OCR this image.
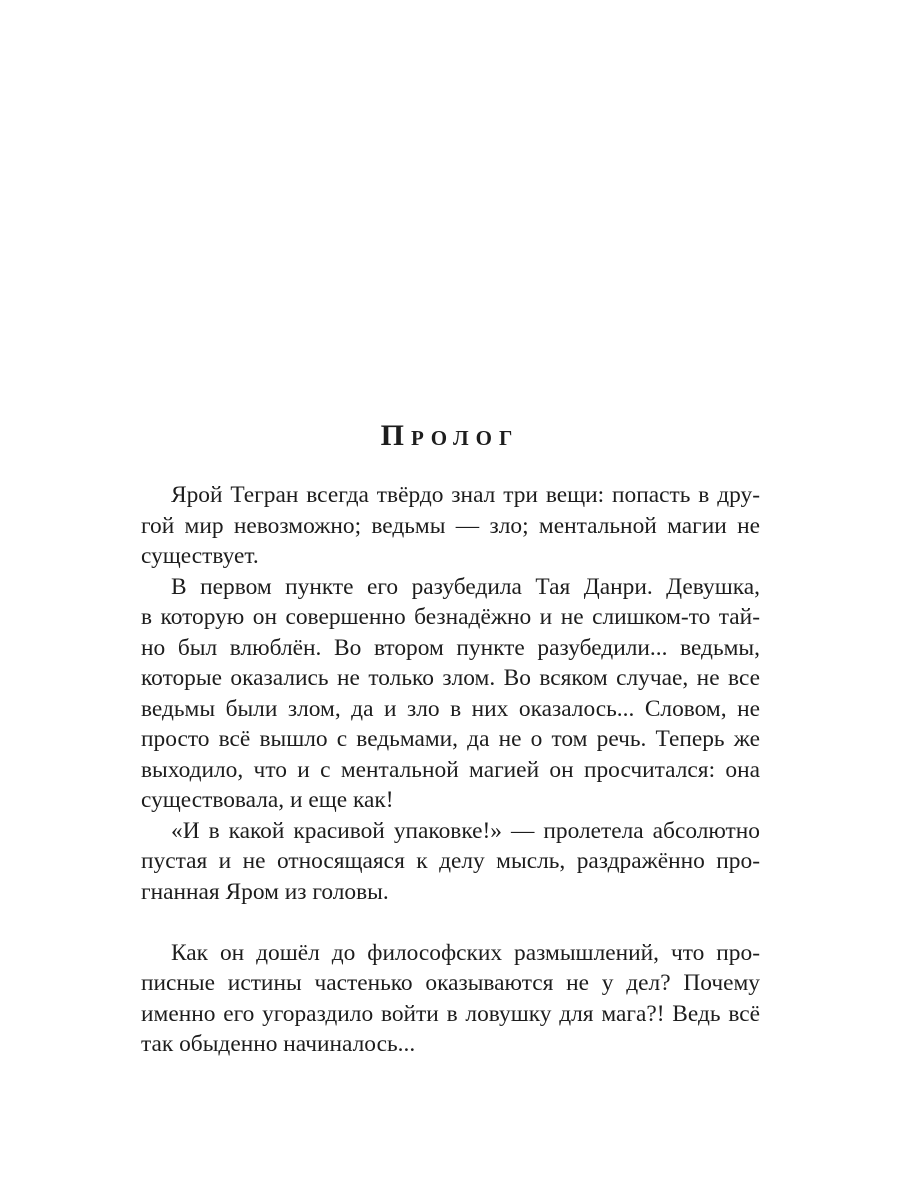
Пролог
Ярой Тегран всегда твёрдо знал три вещи: попасть в дру-
гой мир невозможно; ведьмы — зло; ментальной магии не
существует.
В первом пункте его разубедила Тая Данри. Девушка,
в которую он совершенно безнадёжно и не слишком-то тай-
но был влюблён. Во втором пункте разубедили... ведьмы,
которые оказались не только злом. Во всяком случае, не все
ведьмы были злом, да и зло в них оказалось... Словом, не
просто всё вышло с ведьмами, да не о том речь. Теперь же
выходило, что и с ментальной магией он просчитался: она
существовала, и еще как!
«И в какой красивой упаковке!» — пролетела абсолютно
пустая и не относящаяся к делу мысль, раздражённо про-
гнанная Яром из головы.
Как он дошёл до философских размышлений, что про-
писные истины частенько оказываются не у дел? Почему
именно его угораздило войти в ловушку для мага?! Ведь всё
так обыденно начиналось...
